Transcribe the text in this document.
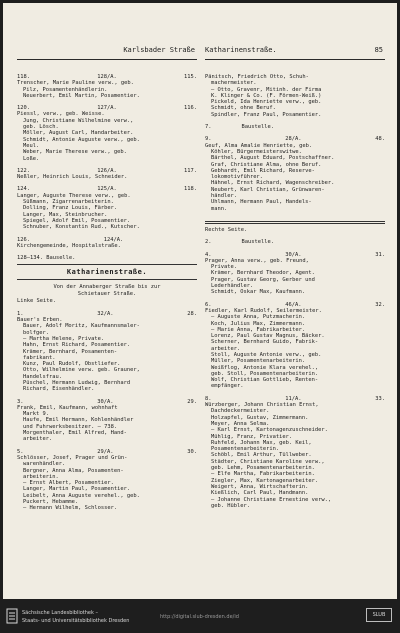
Karlsbader Straße
118.	128/A.	115.
Trenscher, Marie Pauline verw., geb.
Pilz, Posamentenhändlerin.
Neuerbert, Emil Martin, Posamentier.
120.	127/A.	116.
Piessl, verw., geb. Weisse.
Jung, Christiane Wilhelmine verw.,
geb. Lösch.
Möller, August Carl, Handarbeiter.
Schmidt, Antonie Auguste verw., geb.
Meul.
Weber, Marie Therese verw., geb.
Loße.
122.	126/A.	117.
Neßler, Heinrich Louis, Schneider.
124.	125/A.	118.
Langer, Auguste Therese verw., geb.
Süßmann, Zigarrenarbeiterin.
Dolling, Franz Louis, Färber.
Langer, Max, Steinbrucher.
Spiegel, Adolf Emil, Posamentier.
Schnuber, Konstantin Rud., Kutscher.
126.	124/A.
Kirchengemeinde, Hospitalstraße.
128–134. Bauselle.
Katharinenstraße.
Von der Annaberger Straße bis zur
Schietauer Straße.
Linke Seite.
1.	32/A.	28.
Bauer's Erben.
Bauer, Adolf Moritz, Kaufmannsmaler-
bolfger.
— Martha Helene, Private.
Hahn, Ernst Richard, Posamentier.
Krämer, Bernhard, Posamenten-
fabrikant.
Kunz, Paul Rudolf, Obstliefer.
Otto, Wilhelmine verw. geb. Grauner,
Handelsfrau.
Püschel, Hermann Ludwig, Bernhard
Richard, Eisenhändler.
3.	30/A.	29.
Frank, Emil, Kaufmann, wohnhaft
Markt 9.
Haufe, Emil Hermann, Kohlenhändler
und Fuhrwerksbesitzer. — 738.
Morgenthaler, Emil Alfred, Hand-
arbeiter.
5.	29/A.	30.
Schlösser, Josef, Prager und Grün-
warenhändler.
Bergner, Anna Alma, Posamenten-
arbeiterin.
— Ernst Albert, Posamentier.
Langer, Martin Paul, Posamentier.
Leibelt, Anna Auguste verehel., geb.
Puckert, Hebamme.
— Hermann Wilhelm, Schlosser.
Katharinenstraße.	85
Pänitsch, Friedrich Otto, Schuh-
machermeister.
— Otto, Gravenr, Mitinh. der Firma
K. Klinger & Co. (F. Förmen-Weiß.)
Pickeld, Ida Henriette verw., geb.
Schmidt, ohne Beruf.
Spindler, Franz Paul, Posamentier.
7.	Baustelle.
9.	28/A.	48.
Geuf, Alma Amalie Henriette, geb.
Köhler, Bürgermeisterswitwe.
Bärthel, August Eduard, Postschaffner.
Graf, Christiane Alma, ohne Beruf.
Gebhardt, Emil Richard, Reserve-
lokomotivführer.
Hähnel, Ernst Richard, Wagenschreiber.
Neubert, Karl Christian, Grünwaren-
händler.
Uhlmann, Hermann Paul, Handels-
mann.
Rechte Seite.
2.	Baustelle.
4.	30/A.	31.
Prager, Anna verw., geb. Freund,
Private.
Krämer, Bernhard Theodor, Agent.
Prager, Gustav Georg, Gerber und
Lederhändler.
Schmidt, Oskar Max, Kaufmann.
6.	46/A.	32.
Fiedler, Karl Rudolf, Seilermeister.
— Auguste Anna, Putzmacherin.
Koch, Julius Max, Zimmermann.
— Marie Anna, Fabrikarbeiter.
Lorenz, Paul Gustav Magnus, Bäcker.
Scherner, Bernhard Guido, Fabrik-
arbeiter.
Stoll, Auguste Antonie verw., geb.
Müller, Posamentenarbeiterin.
Weißflog, Antonie Klara verehel.,
geb. Stoll, Posamentenarbeiterin.
Wolf, Christian Gottlieb, Renten-
empfänger.
8.	11/A.	33.
Würzberger, Johann Christian Ernst,
Dachdeckermeister.
Holzapfel, Gustav, Zimmermann.
Meyer, Anna Selma.
— Karl Ernst, Kartonagenzuschneider.
Mühlig, Franz, Privatier.
Ruhfeld, Johann Max, geb. Keil,
Posamentenarbeiterin.
Schöbl, Emil Arthur, Tüllweber.
Städter, Christiane Karoline verw.,
geb. Lehm, Posamentenarbeiterin.
— Elfe Martha, Fabrikarbeiterin.
Ziegler, Max, Kartonagenarbeiter.
Weigert, Anna, Wirtschafterin.
Kießlich, Carl Paul, Handmann.
— Johanne Christiane Ernestine verw.,
geb. Hübler.
Sächsische Landesbibliothek –
Staats- und Universitätsbibliothek Dresden
http://digital.slub-dresden.de/id	SLUB
